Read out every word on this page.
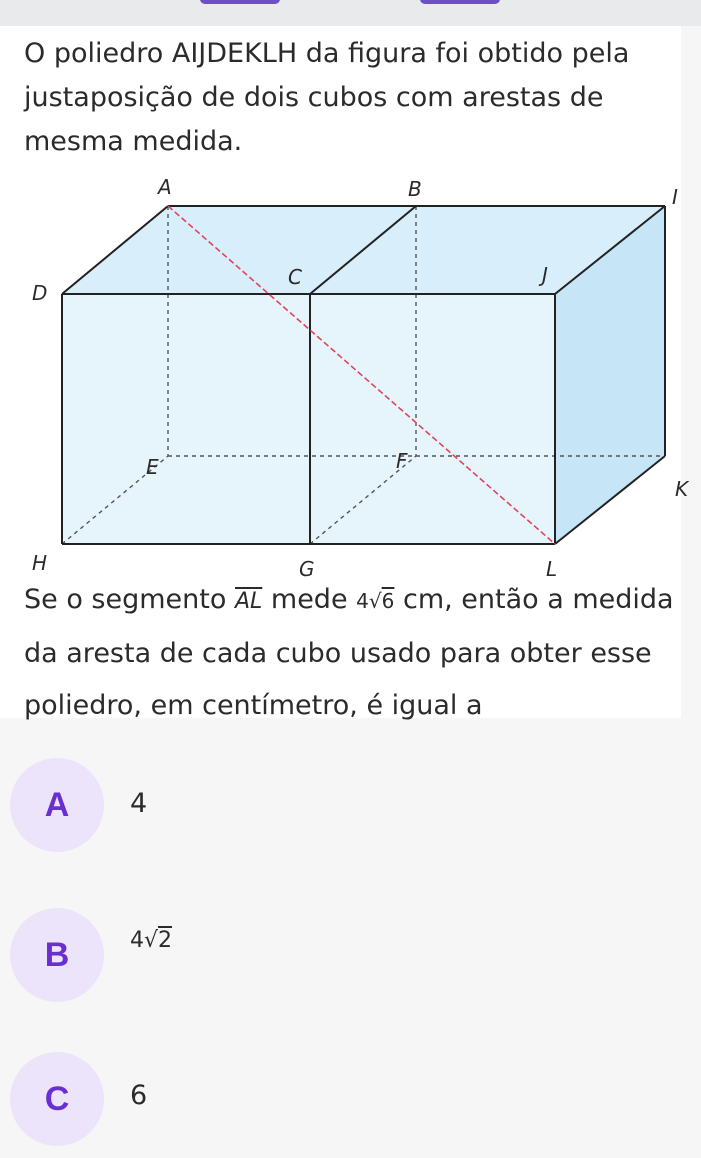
O poliedro AIJDEKLH da figura foi obtido pela justaposição de dois cubos com arestas de mesma medida.

A	B	I
D
C	J
E	F
K
H	G	L

Se o segmento $\overline{AL}$ mede 4√6 cm, então a medida da aresta de cada cubo usado para obter esse poliedro, em centímetro, é igual a

A	4
B	4√2
C	6
